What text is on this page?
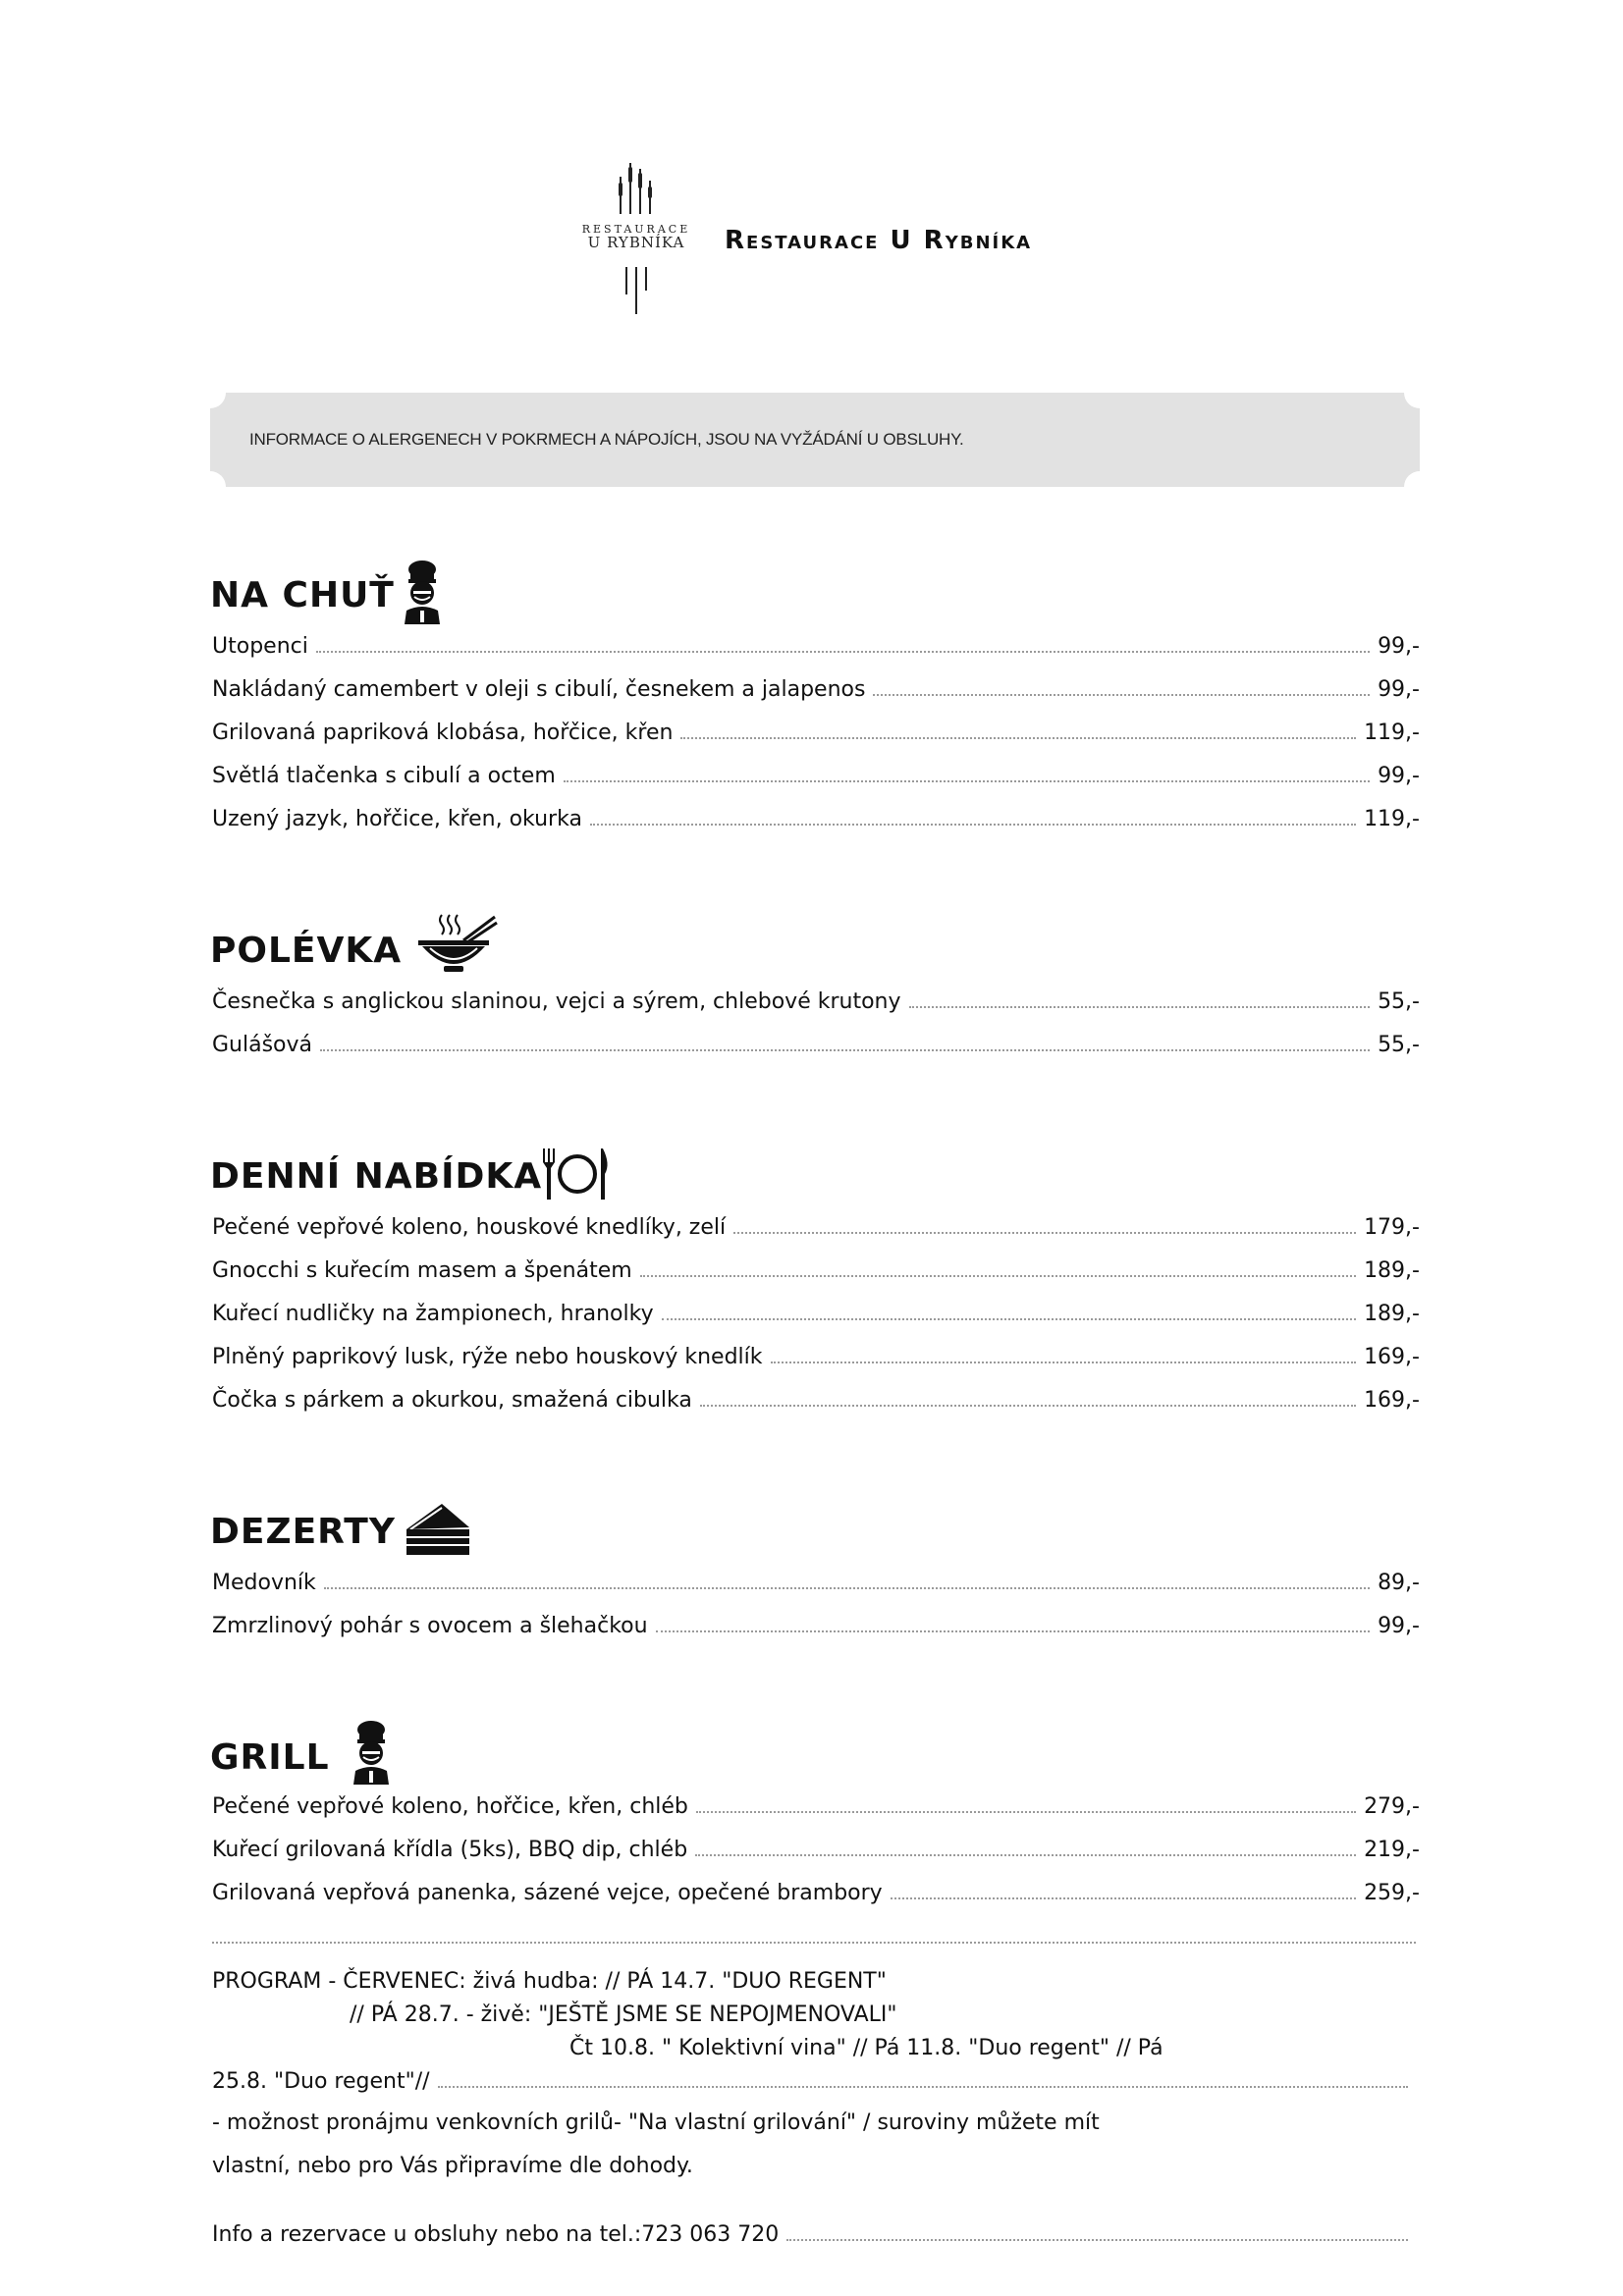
RESTAURACE
U RYBNÍKA	Restaurace U Rybníka
INFORMACE O ALERGENECH V POKRMECH A NÁPOJÍCH, JSOU NA VYŽÁDÁNÍ U OBSLUHY.
NA CHUŤ
Utopenci	99,-
Nakládaný camembert v oleji s cibulí, česnekem a jalapenos	99,-
Grilovaná papriková klobása, hořčice, křen	119,-
Světlá tlačenka s cibulí a octem	99,-
Uzený jazyk, hořčice, křen, okurka	119,-
POLÉVKA
Česnečka s anglickou slaninou, vejci a sýrem, chlebové krutony	55,-
Gulášová	55,-
DENNÍ NABÍDKA
Pečené vepřové koleno, houskové knedlíky, zelí	179,-
Gnocchi s kuřecím masem a špenátem	189,-
Kuřecí nudličky na žampionech, hranolky	189,-
Plněný paprikový lusk, rýže nebo houskový knedlík	169,-
Čočka s párkem a okurkou, smažená cibulka	169,-
DEZERTY
Medovník	89,-
Zmrzlinový pohár s ovocem a šlehačkou	99,-
GRILL
Pečené vepřové koleno, hořčice, křen, chléb	279,-
Kuřecí grilovaná křídla (5ks), BBQ dip, chléb	219,-
Grilovaná vepřová panenka, sázené vejce, opečené brambory	259,-
PROGRAM - ČERVENEC: živá hudba: // PÁ 14.7. "DUO REGENT"
// PÁ 28.7. - živě: "JEŠTĚ JSME SE NEPOJMENOVALI"
Čt 10.8. " Kolektivní vina" // Pá 11.8. "Duo regent" // Pá
25.8. "Duo regent"//
- možnost pronájmu venkovních grilů- "Na vlastní grilování" / suroviny můžete mít
vlastní, nebo pro Vás připravíme dle dohody.
Info a rezervace u obsluhy nebo na tel.:723 063 720
